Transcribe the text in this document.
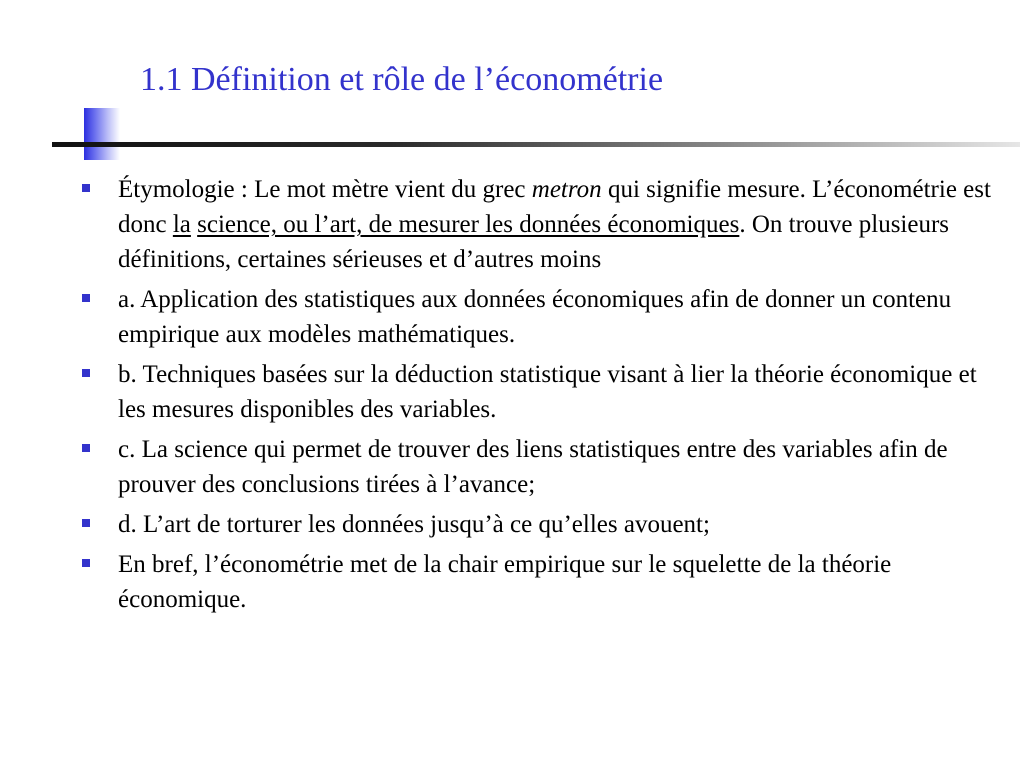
1.1 Définition et rôle de l’économétrie
Étymologie : Le mot mètre vient du grec metron qui signifie mesure. L’économétrie est donc la science, ou l’art, de mesurer les données économiques. On trouve plusieurs définitions, certaines sérieuses et d’autres moins
a. Application des statistiques aux données économiques afin de donner un contenu empirique aux modèles mathématiques.
b. Techniques basées sur la déduction statistique visant à lier la théorie économique et les mesures disponibles des variables.
c. La science qui permet de trouver des liens statistiques entre des variables afin de prouver des conclusions tirées à l’avance;
d. L’art de torturer les données jusqu’à ce qu’elles avouent;
En bref, l’économétrie met de la chair empirique sur le squelette de la théorie économique.
